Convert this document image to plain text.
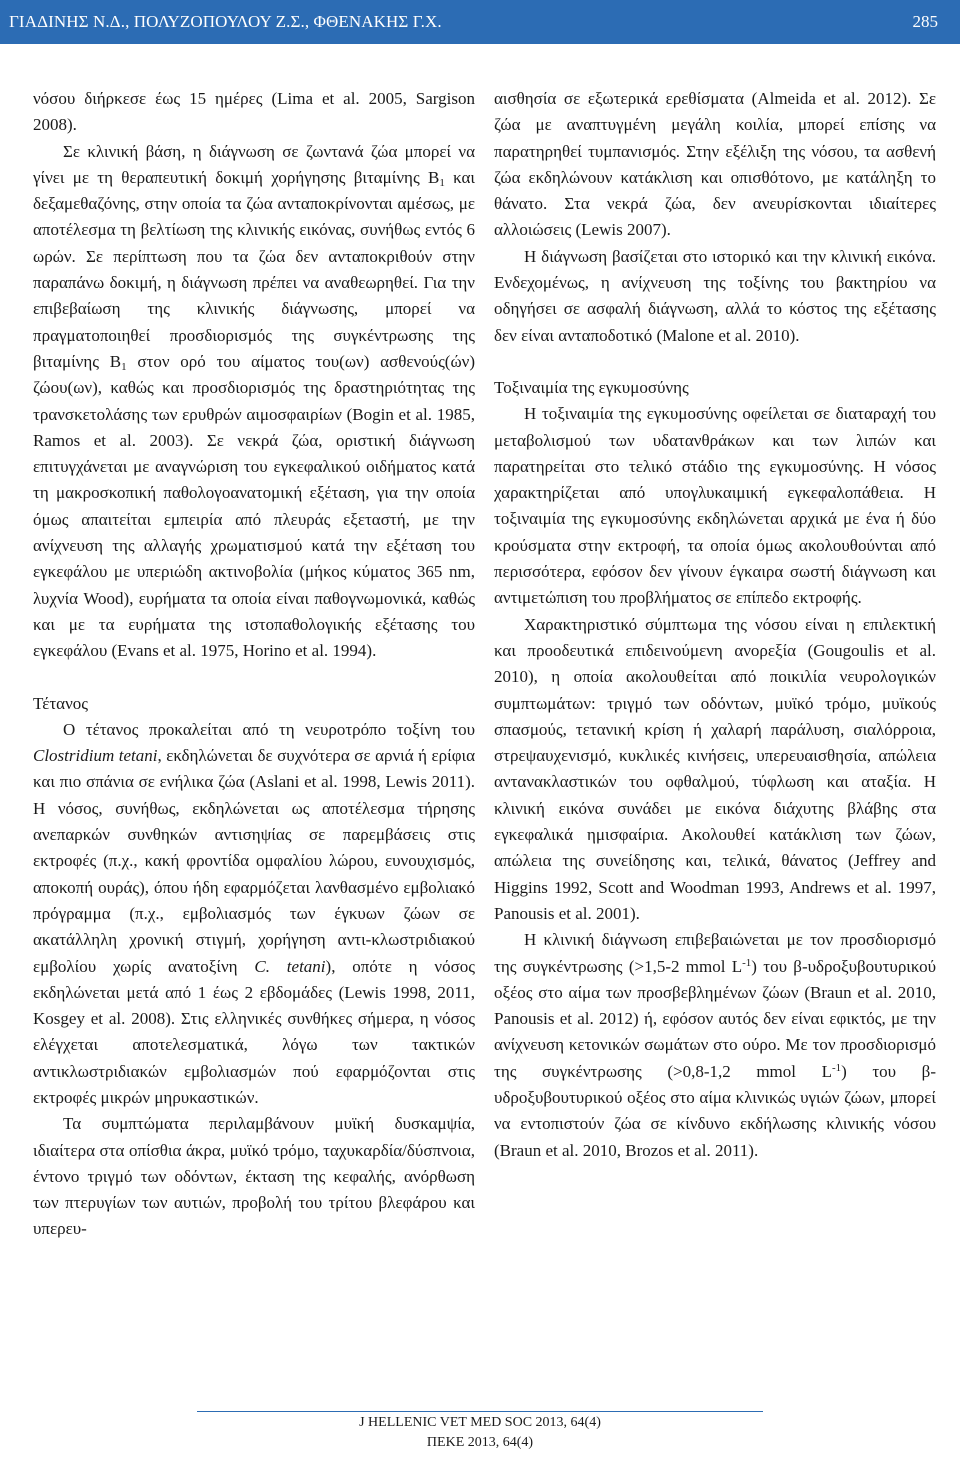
ΓΙΑΔΙΝΗΣ Ν.Δ., ΠΟΛΥΖΟΠΟΥΛΟΥ Ζ.Σ., ΦΘΕΝΑΚΗΣ Γ.Χ.	285

νόσου διήρκεσε έως 15 ημέρες (Lima et al. 2005, Sargison 2008).

Σε κλινική βάση, η διάγνωση σε ζωντανά ζώα μπορεί να γίνει με τη θεραπευτική δοκιμή χορήγησης βιταμίνης $B_1$ και δεξαμεθαζόνης, στην οποία τα ζώα ανταποκρίνονται αμέσως, με αποτέλεσμα τη βελτίωση της κλινικής εικόνας, συνήθως εντός 6 ωρών. Σε περίπτωση που τα ζώα δεν ανταποκριθούν στην παραπάνω δοκιμή, η διάγνωση πρέπει να αναθεωρηθεί. Για την επιβεβαίωση της κλινικής διάγνωσης, μπορεί να πραγματοποιηθεί προσδιορισμός της συγκέντρωσης της βιταμίνης $B_1$ στον ορό του αίματος του(ων) ασθενούς(ών) ζώου(ων), καθώς και προσδιορισμός της δραστηριότητας της τρανσκετολάσης των ερυθρών αιμοσφαιρίων (Bogin et al. 1985, Ramos et al. 2003). Σε νεκρά ζώα, οριστική διάγνωση επιτυγχάνεται με αναγνώριση του εγκεφαλικού οιδήματος κατά τη μακροσκοπική παθολογοανατομική εξέταση, για την οποία όμως απαιτείται εμπειρία από πλευράς εξεταστή, με την ανίχνευση της αλλαγής χρωματισμού κατά την εξέταση του εγκεφάλου με υπεριώδη ακτινοβολία (μήκος κύματος 365 nm, λυχνία Wood), ευρήματα τα οποία είναι παθογνωμονικά, καθώς και με τα ευρήματα της ιστοπαθολογικής εξέτασης του εγκεφάλου (Evans et al. 1975, Horino et al. 1994).

Τέτανος

Ο τέτανος προκαλείται από τη νευροτρόπο τοξίνη του Clostridium tetani, εκδηλώνεται δε συχνότερα σε αρνιά ή ερίφια και πιο σπάνια σε ενήλικα ζώα (Aslani et al. 1998, Lewis 2011). Η νόσος, συνήθως, εκδηλώνεται ως αποτέλεσμα τήρησης ανεπαρκών συνθηκών αντισηψίας σε παρεμβάσεις στις εκτροφές (π.χ., κακή φροντίδα ομφαλίου λώρου, ευνουχισμός, αποκοπή ουράς), όπου ήδη εφαρμόζεται λανθασμένο εμβολιακό πρόγραμμα (π.χ., εμβολιασμός των έγκυων ζώων σε ακατάλληλη χρονική στιγμή, χορήγηση αντι-κλωστριδιακού εμβολίου χωρίς ανατοξίνη C. tetani), οπότε η νόσος εκδηλώνεται μετά από 1 έως 2 εβδομάδες (Lewis 1998, 2011, Kosgey et al. 2008). Στις ελληνικές συνθήκες σήμερα, η νόσος ελέγχεται αποτελεσματικά, λόγω των τακτικών αντικλωστριδιακών εμβολιασμών πού εφαρμόζονται στις εκτροφές μικρών μηρυκαστικών.

Τα συμπτώματα περιλαμβάνουν μυϊκή δυσκαμψία, ιδιαίτερα στα οπίσθια άκρα, μυϊκό τρόμο, ταχυκαρδία/δύσπνοια, έντονο τριγμό των οδόντων, έκταση της κεφαλής, ανόρθωση των πτερυγίων των αυτιών, προβολή του τρίτου βλεφάρου και υπερευ-

αισθησία σε εξωτερικά ερεθίσματα (Almeida et al. 2012). Σε ζώα με αναπτυγμένη μεγάλη κοιλία, μπορεί επίσης να παρατηρηθεί τυμπανισμός. Στην εξέλιξη της νόσου, τα ασθενή ζώα εκδηλώνουν κατάκλιση και οπισθότονο, με κατάληξη το θάνατο. Στα νεκρά ζώα, δεν ανευρίσκονται ιδιαίτερες αλλοιώσεις (Lewis 2007).

Η διάγνωση βασίζεται στο ιστορικό και την κλινική εικόνα. Ενδεχομένως, η ανίχνευση της τοξίνης του βακτηρίου να οδηγήσει σε ασφαλή διάγνωση, αλλά το κόστος της εξέτασης δεν είναι ανταποδοτικό (Malone et al. 2010).

Τοξιναιμία της εγκυμοσύνης

Η τοξιναιμία της εγκυμοσύνης οφείλεται σε διαταραχή του μεταβολισμού των υδατανθράκων και των λιπών και παρατηρείται στο τελικό στάδιο της εγκυμοσύνης. Η νόσος χαρακτηρίζεται από υπογλυκαιμική εγκεφαλοπάθεια. Η τοξιναιμία της εγκυμοσύνης εκδηλώνεται αρχικά με ένα ή δύο κρούσματα στην εκτροφή, τα οποία όμως ακολουθούνται από περισσότερα, εφόσον δεν γίνουν έγκαιρα σωστή διάγνωση και αντιμετώπιση του προβλήματος σε επίπεδο εκτροφής.

Χαρακτηριστικό σύμπτωμα της νόσου είναι η επιλεκτική και προοδευτικά επιδεινούμενη ανορεξία (Gougoulis et al. 2010), η οποία ακολουθείται από ποικιλία νευρολογικών συμπτωμάτων: τριγμό των οδόντων, μυϊκό τρόμο, μυϊκούς σπασμούς, τετανική κρίση ή χαλαρή παράλυση, σιαλόρροια, στρεψαυχενισμό, κυκλικές κινήσεις, υπερευαισθησία, απώλεια αντανακλαστικών του οφθαλμού, τύφλωση και αταξία. Η κλινική εικόνα συνάδει με εικόνα διάχυτης βλάβης στα εγκεφαλικά ημισφαίρια. Ακολουθεί κατάκλιση των ζώων, απώλεια της συνείδησης και, τελικά, θάνατος (Jeffrey and Higgins 1992, Scott and Woodman 1993, Andrews et al. 1997, Panousis et al. 2001).

Η κλινική διάγνωση επιβεβαιώνεται με τον προσδιορισμό της συγκέντρωσης (>1,5-2 mmol $L^{-1}$) του β-υδροξυβουτυρικού οξέος στο αίμα των προσβεβλημένων ζώων (Braun et al. 2010, Panousis et al. 2012) ή, εφόσον αυτός δεν είναι εφικτός, με την ανίχνευση κετονικών σωμάτων στο ούρο. Με τον προσδιορισμό της συγκέντρωσης (>0,8-1,2 mmol $L^{-1}$) του β-υδροξυβουτυρικού οξέος στο αίμα κλινικώς υγιών ζώων, μπορεί να εντοπιστούν ζώα σε κίνδυνο εκδήλωσης κλινικής νόσου (Braun et al. 2010, Brozos et al. 2011).

J HELLENIC VET MED SOC 2013, 64(4)
ΠΕΚΕ 2013, 64(4)
